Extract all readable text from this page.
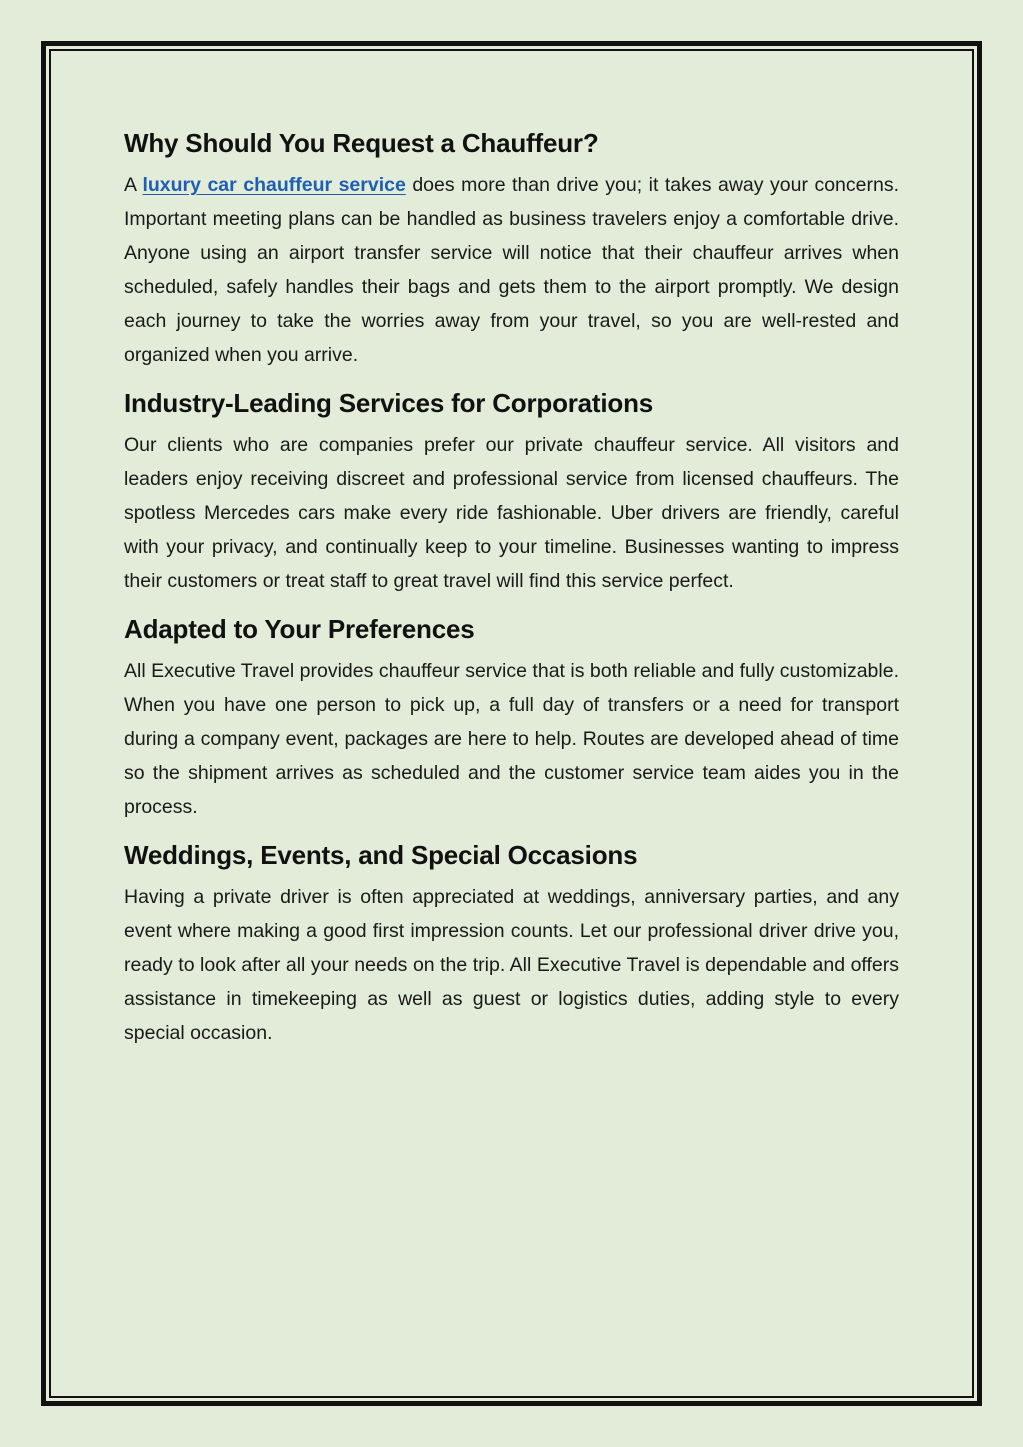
Why Should You Request a Chauffeur?

A luxury car chauffeur service does more than drive you; it takes away your concerns. Important meeting plans can be handled as business travelers enjoy a comfortable drive. Anyone using an airport transfer service will notice that their chauffeur arrives when scheduled, safely handles their bags and gets them to the airport promptly. We design each journey to take the worries away from your travel, so you are well-rested and organized when you arrive.

Industry-Leading Services for Corporations

Our clients who are companies prefer our private chauffeur service. All visitors and leaders enjoy receiving discreet and professional service from licensed chauffeurs. The spotless Mercedes cars make every ride fashionable. Uber drivers are friendly, careful with your privacy, and continually keep to your timeline. Businesses wanting to impress their customers or treat staff to great travel will find this service perfect.

Adapted to Your Preferences

All Executive Travel provides chauffeur service that is both reliable and fully customizable. When you have one person to pick up, a full day of transfers or a need for transport during a company event, packages are here to help. Routes are developed ahead of time so the shipment arrives as scheduled and the customer service team aides you in the process.

Weddings, Events, and Special Occasions

Having a private driver is often appreciated at weddings, anniversary parties, and any event where making a good first impression counts. Let our professional driver drive you, ready to look after all your needs on the trip. All Executive Travel is dependable and offers assistance in timekeeping as well as guest or logistics duties, adding style to every special occasion.
